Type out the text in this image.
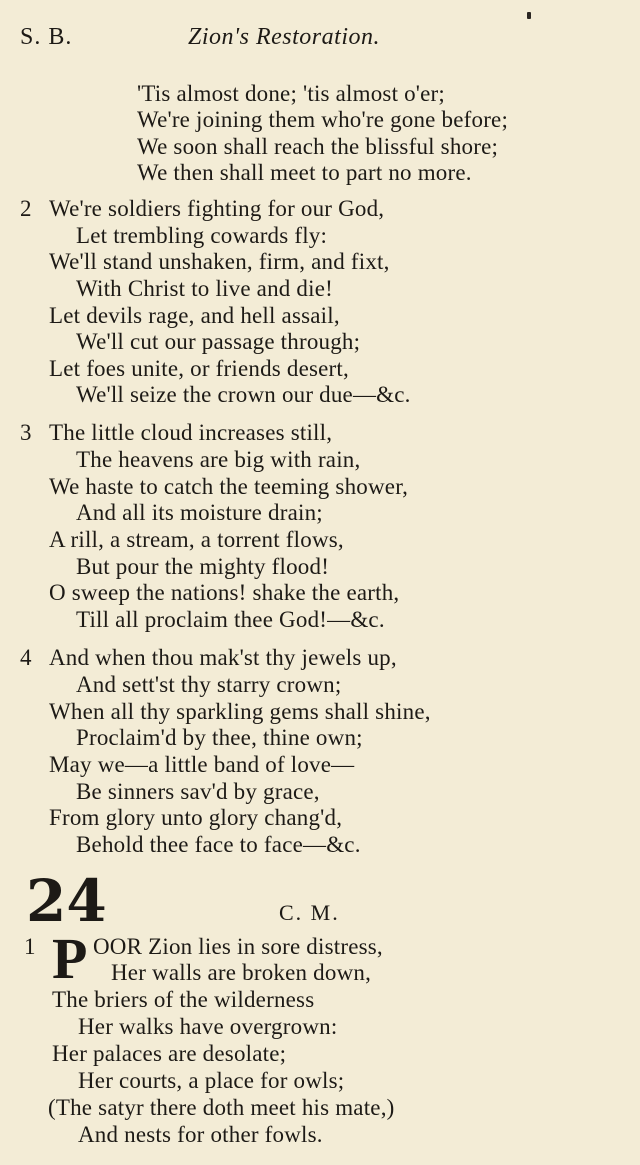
S. B.	Zion's Restoration.
'Tis almost done; 'tis almost o'er;
We're joining them who're gone before;
We soon shall reach the blissful shore;
We then shall meet to part no more.
2 We're soldiers fighting for our God,
Let trembling cowards fly:
We'll stand unshaken, firm, and fixt,
With Christ to live and die!
Let devils rage, and hell assail,
We'll cut our passage through;
Let foes unite, or friends desert,
We'll seize the crown our due—&c.
3 The little cloud increases still,
The heavens are big with rain,
We haste to catch the teeming shower,
And all its moisture drain;
A rill, a stream, a torrent flows,
But pour the mighty flood!
O sweep the nations! shake the earth,
Till all proclaim thee God!—&c.
4 And when thou mak'st thy jewels up,
And sett'st thy starry crown;
When all thy sparkling gems shall shine,
Proclaim'd by thee, thine own;
May we—a little band of love—
Be sinners sav'd by grace,
From glory unto glory chang'd,
Behold thee face to face—&c.
24	C. M.
1 P OOR Zion lies in sore distress,
Her walls are broken down,
The briers of the wilderness
Her walks have overgrown:
Her palaces are desolate;
Her courts, a place for owls;
(The satyr there doth meet his mate,)
And nests for other fowls.
